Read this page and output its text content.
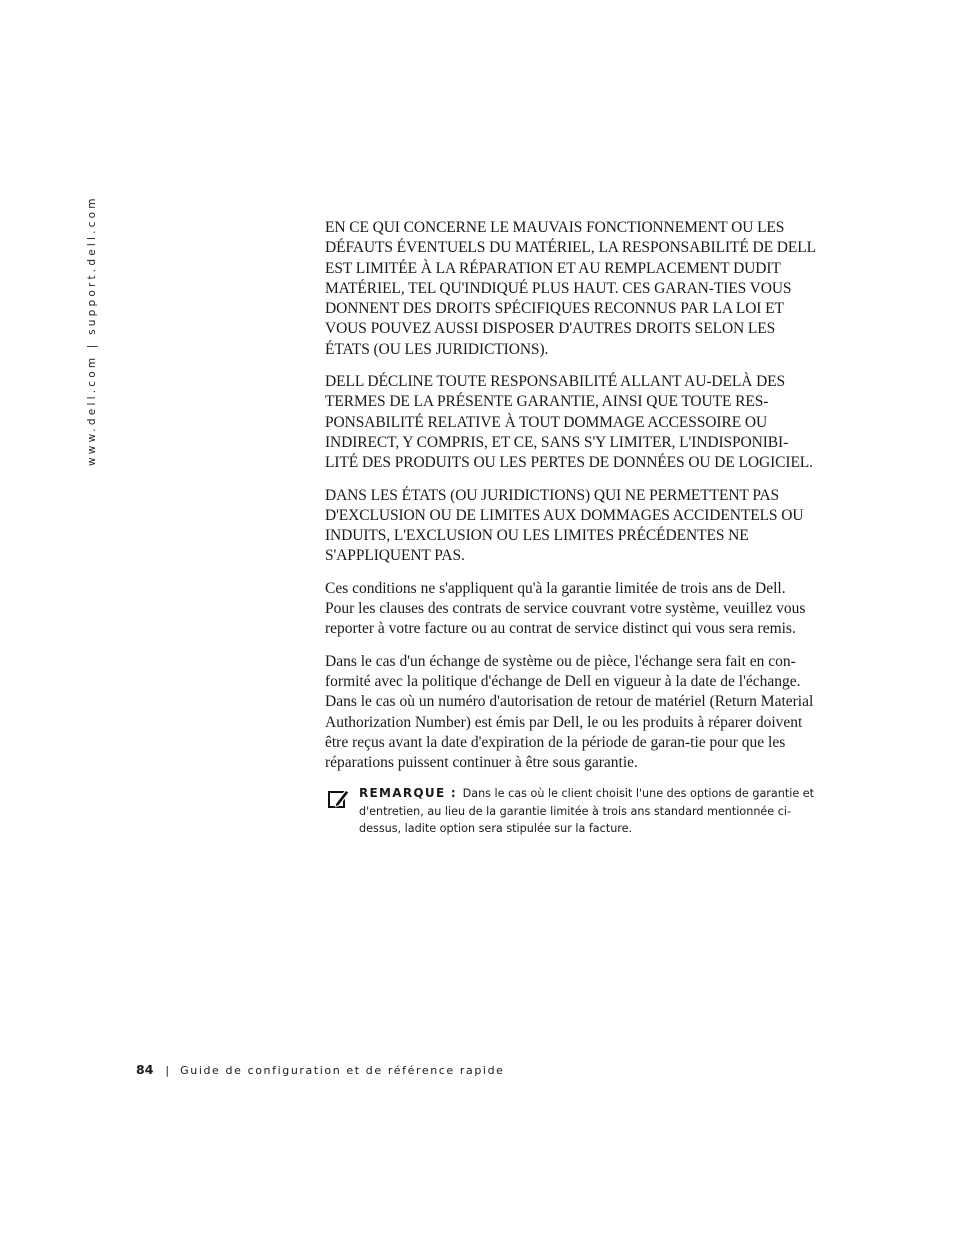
www.dell.com | support.dell.com	EN CE QUI CONCERNE LE MAUVAIS FONCTIONNEMENT OU LES DÉFAUTS ÉVENTUELS DU MATÉRIEL, LA RESPONSABILITÉ DE DELL EST LIMITÉE À LA RÉPARATION ET AU REMPLACEMENT DUDIT MATÉRIEL, TEL QU'INDIQUÉ PLUS HAUT. CES GARAN-TIES VOUS DONNENT DES DROITS SPÉCIFIQUES RECONNUS PAR LA LOI ET VOUS POUVEZ AUSSI DISPOSER D'AUTRES DROITS SELON LES ÉTATS (OU LES JURIDICTIONS).

DELL DÉCLINE TOUTE RESPONSABILITÉ ALLANT AU-DELÀ DES TERMES DE LA PRÉSENTE GARANTIE, AINSI QUE TOUTE RES-PONSABILITÉ RELATIVE À TOUT DOMMAGE ACCESSOIRE OU INDIRECT, Y COMPRIS, ET CE, SANS S'Y LIMITER, L'INDISPONIBI-LITÉ DES PRODUITS OU LES PERTES DE DONNÉES OU DE LOGICIEL.

DANS LES ÉTATS (OU JURIDICTIONS) QUI NE PERMETTENT PAS D'EXCLUSION OU DE LIMITES AUX DOMMAGES ACCIDENTELS OU INDUITS, L'EXCLUSION OU LES LIMITES PRÉCÉDENTES NE S'APPLIQUENT PAS.

Ces conditions ne s'appliquent qu'à la garantie limitée de trois ans de Dell. Pour les clauses des contrats de service couvrant votre système, veuillez vous reporter à votre facture ou au contrat de service distinct qui vous sera remis.

Dans le cas d'un échange de système ou de pièce, l'échange sera fait en con-formité avec la politique d'échange de Dell en vigueur à la date de l'échange. Dans le cas où un numéro d'autorisation de retour de matériel (Return Material Authorization Number) est émis par Dell, le ou les produits à réparer doivent être reçus avant la date d'expiration de la période de garan-tie pour que les réparations puissent continuer à être sous garantie.

REMARQUE : Dans le cas où le client choisit l'une des options de garantie et d'entretien, au lieu de la garantie limitée à trois ans standard mentionnée ci-dessus, ladite option sera stipulée sur la facture.
84 | Guide de configuration et de référence rapide
